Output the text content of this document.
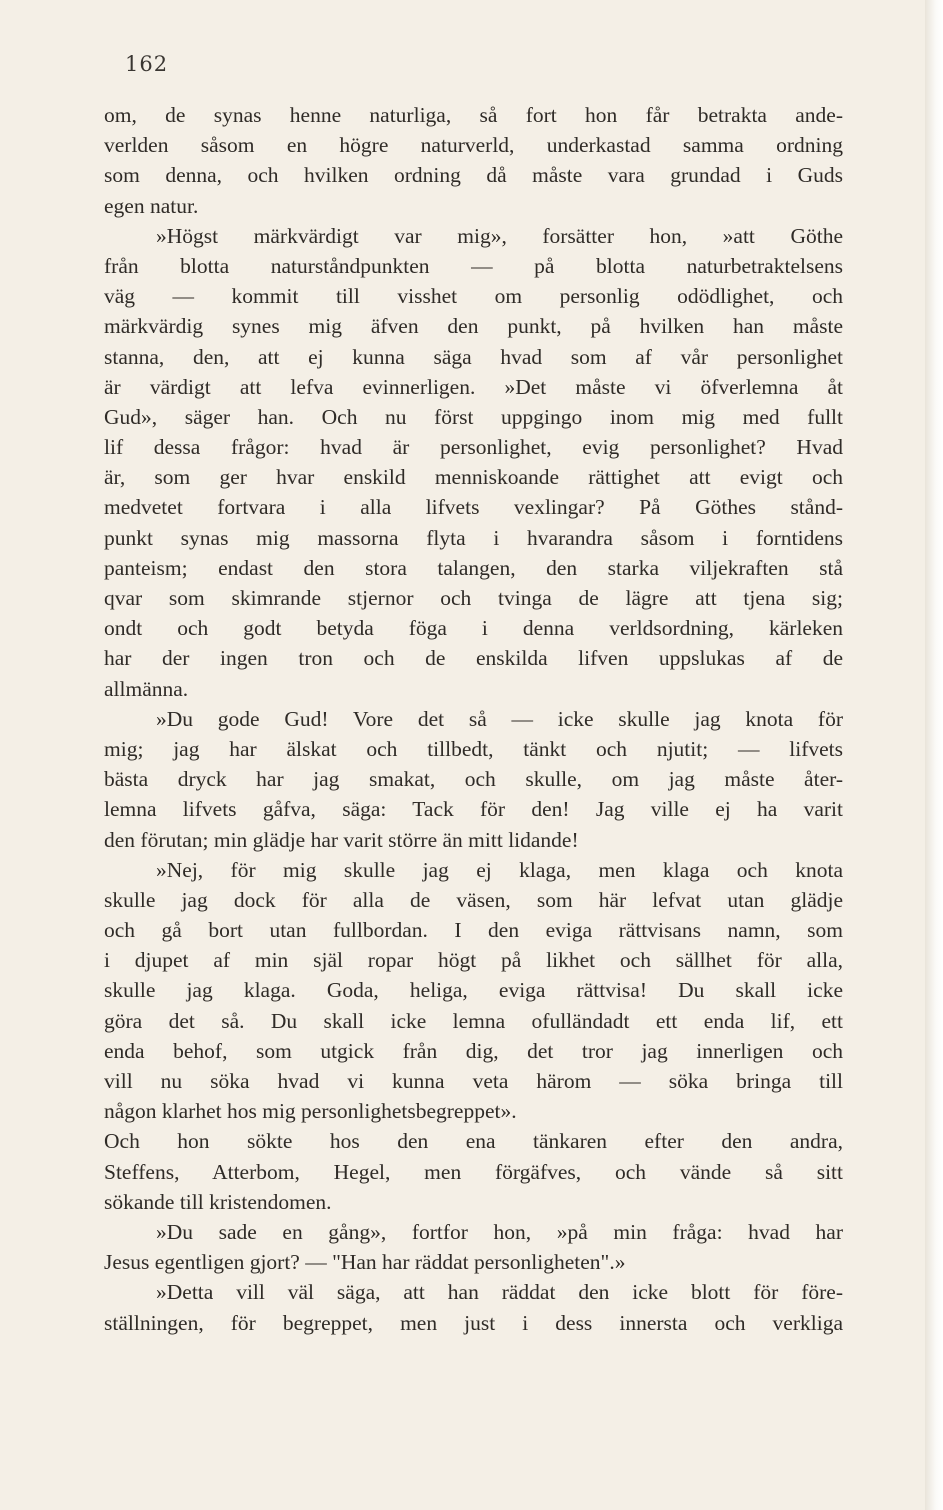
162
om, de synas henne naturliga, så fort hon får betrakta ande-
verlden såsom en högre naturverld, underkastad samma ordning
som denna, och hvilken ordning då måste vara grundad i Guds
egen natur.
»Högst märkvärdigt var mig», forsätter hon, »att Göthe
från blotta naturståndpunkten — på blotta naturbetraktelsens
väg — kommit till visshet om personlig odödlighet, och
märkvärdig synes mig äfven den punkt, på hvilken han måste
stanna, den, att ej kunna säga hvad som af vår personlighet
är värdigt att lefva evinnerligen. »Det måste vi öfverlemna åt
Gud», säger han. Och nu först uppgingo inom mig med fullt
lif dessa frågor: hvad är personlighet, evig personlighet? Hvad
är, som ger hvar enskild menniskoande rättighet att evigt och
medvetet fortvara i alla lifvets vexlingar? På Göthes stånd-
punkt synas mig massorna flyta i hvarandra såsom i forntidens
panteism; endast den stora talangen, den starka viljekraften stå
qvar som skimrande stjernor och tvinga de lägre att tjena sig;
ondt och godt betyda föga i denna verldsordning, kärleken
har der ingen tron och de enskilda lifven uppslukas af de
allmänna.
»Du gode Gud! Vore det så — icke skulle jag knota för
mig; jag har älskat och tillbedt, tänkt och njutit; — lifvets
bästa dryck har jag smakat, och skulle, om jag måste åter-
lemna lifvets gåfva, säga: Tack för den! Jag ville ej ha varit
den förutan; min glädje har varit större än mitt lidande!
»Nej, för mig skulle jag ej klaga, men klaga och knota
skulle jag dock för alla de väsen, som här lefvat utan glädje
och gå bort utan fullbordan. I den eviga rättvisans namn, som
i djupet af min själ ropar högt på likhet och sällhet för alla,
skulle jag klaga. Goda, heliga, eviga rättvisa! Du skall icke
göra det så. Du skall icke lemna ofulländadt ett enda lif, ett
enda behof, som utgick från dig, det tror jag innerligen och
vill nu söka hvad vi kunna veta härom — söka bringa till
någon klarhet hos mig personlighetsbegreppet».
Och hon sökte hos den ena tänkaren efter den andra,
Steffens, Atterbom, Hegel, men förgäfves, och vände så sitt
sökande till kristendomen.
»Du sade en gång», fortfor hon, »på min fråga: hvad har
Jesus egentligen gjort? — "Han har räddat personligheten".»
»Detta vill väl säga, att han räddat den icke blott för före-
ställningen, för begreppet, men just i dess innersta och verkliga
